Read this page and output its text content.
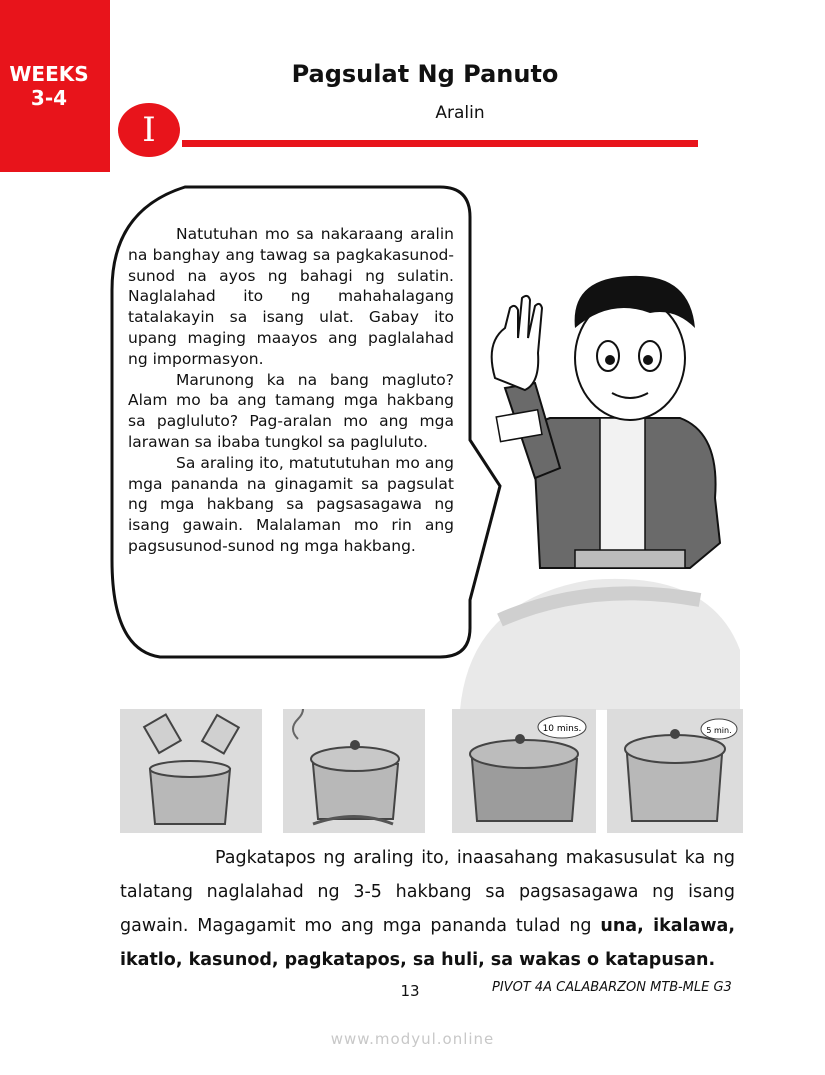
WEEKS
3-4
Pagsulat Ng Panuto
Aralin
I

Natutuhan mo sa nakaraang aralin na banghay ang tawag sa pagkakasunod-sunod na ayos ng bahagi ng sulatin. Naglalahad ito ng mahahalagang tatalakayin sa isang ulat. Gabay ito upang maging maayos ang paglalahad ng impormasyon.

Marunong ka na bang magluto? Alam mo ba ang tamang mga hakbang sa pagluluto? Pag-aralan mo ang mga larawan sa ibaba tungkol sa pagluluto.

Sa araling ito, matututuhan mo ang mga pananda na ginagamit sa pagsulat ng mga hakbang sa pagsasagawa ng isang gawain. Malalaman mo rin ang pagsusunod-sunod ng mga hakbang.

10 mins.	5 min.

Pagkatapos ng araling ito, inaasahang makasusulat ka ng talatang naglalahad ng 3-5 hakbang sa pagsasagawa ng isang gawain. Magagamit mo ang mga pananda tulad ng una, ikalawa, ikatlo, kasunod, pagkatapos, sa huli, sa wakas o katapusan.

13	PIVOT 4A CALABARZON MTB-MLE G3
www.modyul.online
